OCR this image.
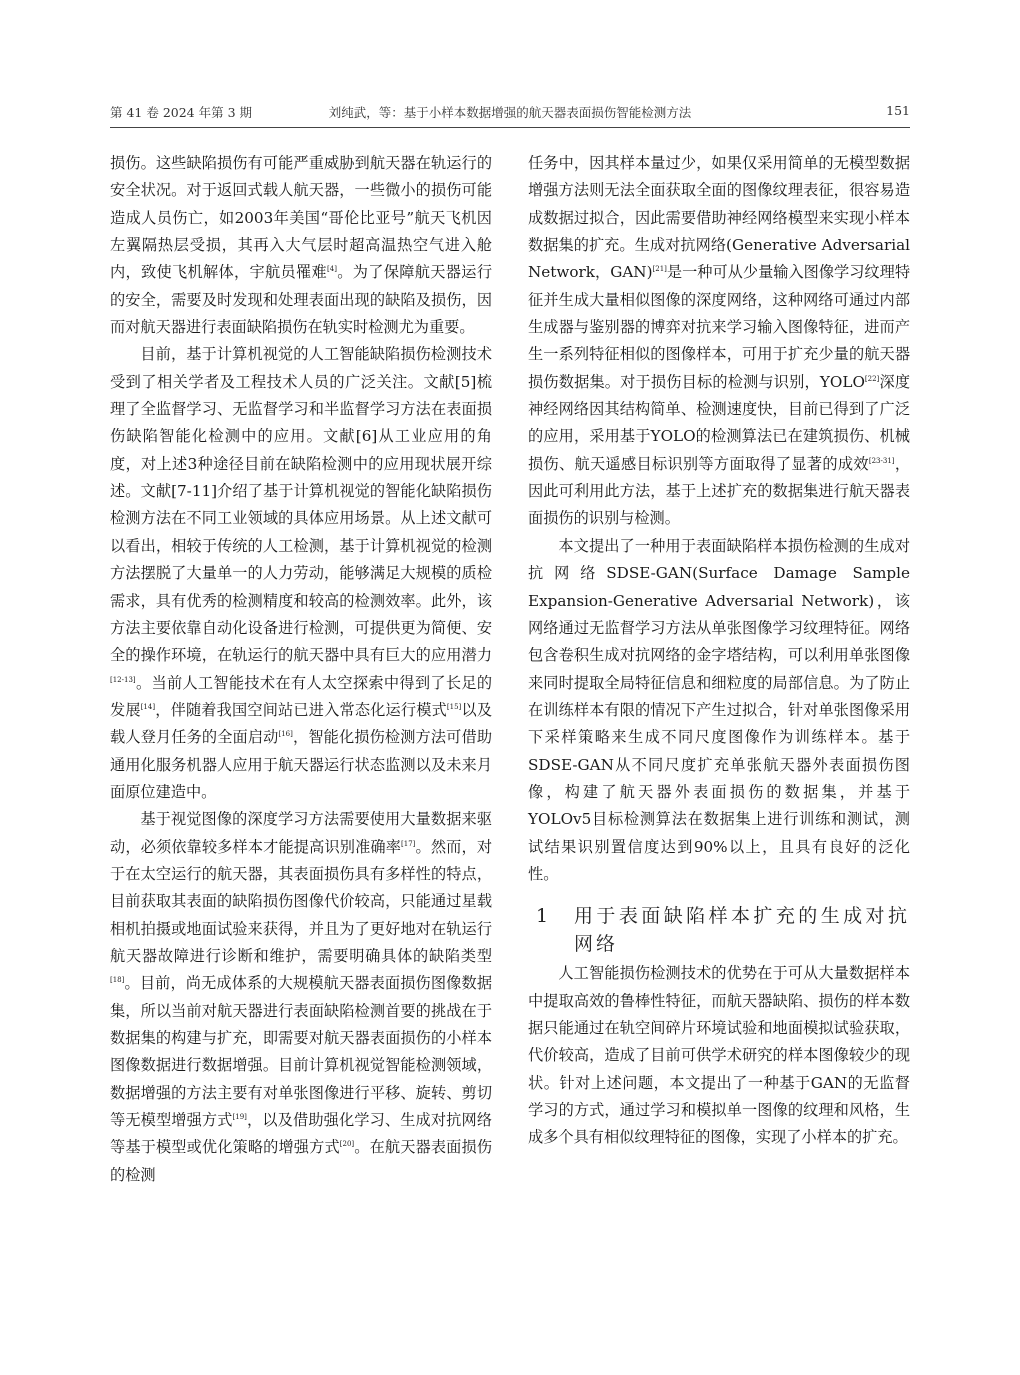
第 41 卷 2024 年第 3 期	刘纯武，等：基于小样本数据增强的航天器表面损伤智能检测方法	151

损伤。这些缺陷损伤有可能严重威胁到航天器在轨运行的安全状况。对于返回式载人航天器，一些微小的损伤可能造成人员伤亡，如2003年美国“哥伦比亚号”航天飞机因左翼隔热层受损，其再入大气层时超高温热空气进入舱内，致使飞机解体，宇航员罹难[4]。为了保障航天器运行的安全，需要及时发现和处理表面出现的缺陷及损伤，因而对航天器进行表面缺陷损伤在轨实时检测尤为重要。

目前，基于计算机视觉的人工智能缺陷损伤检测技术受到了相关学者及工程技术人员的广泛关注。文献[5]梳理了全监督学习、无监督学习和半监督学习方法在表面损伤缺陷智能化检测中的应用。文献[6]从工业应用的角度，对上述3种途径目前在缺陷检测中的应用现状展开综述。文献[7-11]介绍了基于计算机视觉的智能化缺陷损伤检测方法在不同工业领域的具体应用场景。从上述文献可以看出，相较于传统的人工检测，基于计算机视觉的检测方法摆脱了大量单一的人力劳动，能够满足大规模的质检需求，具有优秀的检测精度和较高的检测效率。此外，该方法主要依靠自动化设备进行检测，可提供更为简便、安全的操作环境，在轨运行的航天器中具有巨大的应用潜力[12-13]。当前人工智能技术在有人太空探索中得到了长足的发展[14]，伴随着我国空间站已进入常态化运行模式[15]以及载人登月任务的全面启动[16]，智能化损伤检测方法可借助通用化服务机器人应用于航天器运行状态监测以及未来月面原位建造中。

基于视觉图像的深度学习方法需要使用大量数据来驱动，必须依靠较多样本才能提高识别准确率[17]。然而，对于在太空运行的航天器，其表面损伤具有多样性的特点，目前获取其表面的缺陷损伤图像代价较高，只能通过星载相机拍摄或地面试验来获得，并且为了更好地对在轨运行航天器故障进行诊断和维护，需要明确具体的缺陷类型[18]。目前，尚无成体系的大规模航天器表面损伤图像数据集，所以当前对航天器进行表面缺陷检测首要的挑战在于数据集的构建与扩充，即需要对航天器表面损伤的小样本图像数据进行数据增强。目前计算机视觉智能检测领域，数据增强的方法主要有对单张图像进行平移、旋转、剪切等无模型增强方式[19]，以及借助强化学习、生成对抗网络等基于模型或优化策略的增强方式[20]。在航天器表面损伤的检测

任务中，因其样本量过少，如果仅采用简单的无模型数据增强方法则无法全面获取全面的图像纹理表征，很容易造成数据过拟合，因此需要借助神经网络模型来实现小样本数据集的扩充。生成对抗网络(Generative Adversarial Network，GAN)[21]是一种可从少量输入图像学习纹理特征并生成大量相似图像的深度网络，这种网络可通过内部生成器与鉴别器的博弈对抗来学习输入图像特征，进而产生一系列特征相似的图像样本，可用于扩充少量的航天器损伤数据集。对于损伤目标的检测与识别，YOLO[22]深度神经网络因其结构简单、检测速度快，目前已得到了广泛的应用，采用基于YOLO的检测算法已在建筑损伤、机械损伤、航天遥感目标识别等方面取得了显著的成效[23-31]，因此可利用此方法，基于上述扩充的数据集进行航天器表面损伤的识别与检测。

本文提出了一种用于表面缺陷样本损伤检测的生成对抗网络SDSE-GAN(Surface Damage Sample Expansion-Generative Adversarial Network)，该网络通过无监督学习方法从单张图像学习纹理特征。网络包含卷积生成对抗网络的金字塔结构，可以利用单张图像来同时提取全局特征信息和细粒度的局部信息。为了防止在训练样本有限的情况下产生过拟合，针对单张图像采用下采样策略来生成不同尺度图像作为训练样本。基于SDSE-GAN从不同尺度扩充单张航天器外表面损伤图像，构建了航天器外表面损伤的数据集，并基于YOLOv5目标检测算法在数据集上进行训练和测试，测试结果识别置信度达到90%以上，且具有良好的泛化性。

1 用于表面缺陷样本扩充的生成对抗网络

人工智能损伤检测技术的优势在于可从大量数据样本中提取高效的鲁棒性特征，而航天器缺陷、损伤的样本数据只能通过在轨空间碎片环境试验和地面模拟试验获取，代价较高，造成了目前可供学术研究的样本图像较少的现状。针对上述问题，本文提出了一种基于GAN的无监督学习的方式，通过学习和模拟单一图像的纹理和风格，生成多个具有相似纹理特征的图像，实现了小样本的扩充。
